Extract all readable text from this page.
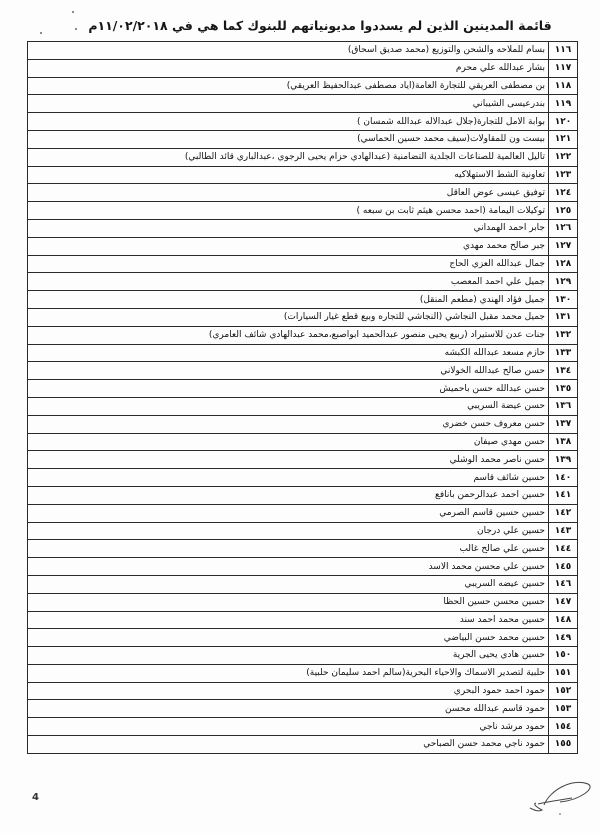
قائمة المدينين الذين لم يسددوا مديونياتهم للبنوك كما هي في ١١/٠٢/٢٠١٨م
١١٦	بسام للملاحه والشحن والتوزيع (محمد صديق اسحاق)
١١٧	بشار عبدالله علي محرم
١١٨	بن مصطفى العريقي للتجارة العامة(اياد مصطفى عبدالحفيظ العريقي)
١١٩	بندرعيسى الشيباني
١٢٠	بوابة الامل للتجارة(جلال عبدالاله عبدالله شمسان )
١٢١	بيست ون للمقاولات(سيف محمد حسين الحماسي)
١٢٢	تاليل العالمية للصناعات الجلدية التضامنية (عبدالهادي حزام يحيى الرجوي ،عبدالباري قائد الطالبي)
١٢٣	تعاونية الشط الاستهلاكيه
١٢٤	توفيق عيسى عوض العاقل
١٢٥	توكيلات اليمامة (احمد محسن هيثم ثابت بن سبعه )
١٢٦	جابر احمد الهمداني
١٢٧	جبر صالح محمد مهدي
١٢٨	جمال عبدالله العزي الحاج
١٢٩	جميل علي احمد المعصب
١٣٠	جميل فؤاد الهندي (مطعم المنقل)
١٣١	جميل محمد مقبل النجاشي (النجاشي للتجاره وبيع قطع غيار السيارات)
١٣٢	جنات عدن للاستيراد (ربيع يحيى منصور عبدالحميد ابواصبع،محمد عبدالهادي شائف العامري)
١٣٣	حازم مسعد عبدالله الكبشه
١٣٤	حسن صالح عبدالله الخولاني
١٣٥	حسن عبدالله حسن باحميش
١٣٦	حسن عيضة السريبي
١٣٧	حسن معروف حسن خضري
١٣٨	حسن مهدي صيفان
١٣٩	حسن ناصر محمد الوشلي
١٤٠	حسين شائف قاسم
١٤١	حسين احمد عبدالرحمن بانافع
١٤٢	حسين حسين قاسم الصرمي
١٤٣	حسين علي درجان
١٤٤	حسين علي صالح غالب
١٤٥	حسين علي محسن محمد الاسد
١٤٦	حسين عيضه السريبي
١٤٧	حسين محسن حسين الحظا
١٤٨	حسين محمد احمد سند
١٤٩	حسين محمد حسن البياضي
١٥٠	حسين هادي يحيى الجرية
١٥١	حلبية لتصدير الاسماك والاحياء البحرية(سالم احمد سليمان حلبية)
١٥٢	حمود احمد حمود البحري
١٥٣	حمود قاسم عبدالله محسن
١٥٤	حمود مرشد ناجي
١٥٥	حمود ناجي محمد حسن الصباحي
4
